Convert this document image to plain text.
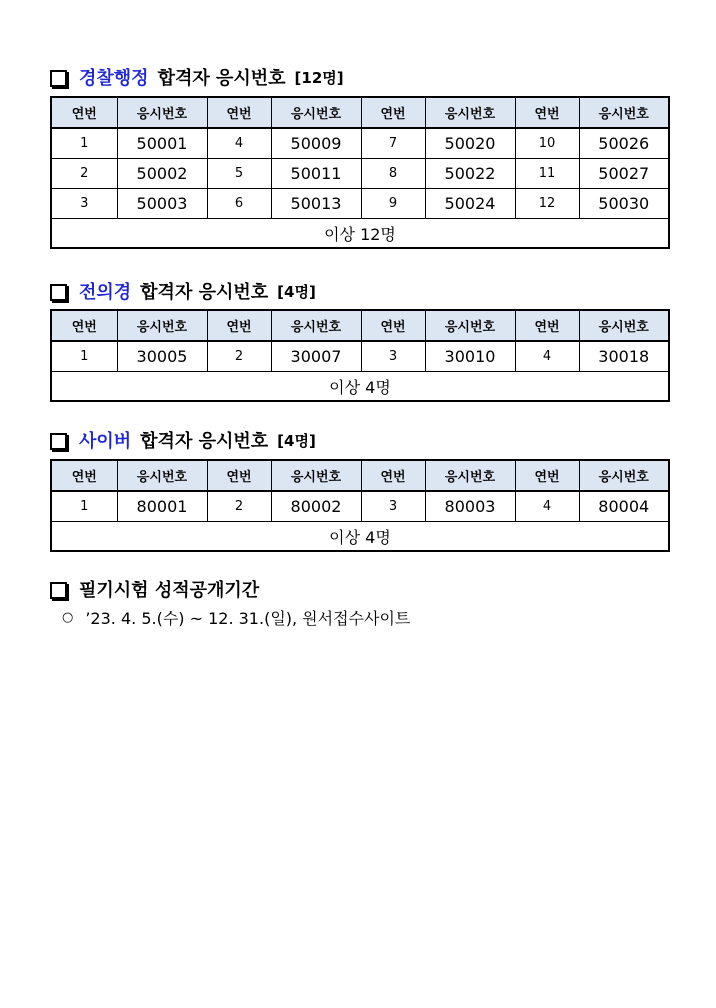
경찰행정 합격자 응시번호 [12명]
연번	응시번호	연번	응시번호	연번	응시번호	연번	응시번호
1	50001	4	50009	7	50020	10	50026
2	50002	5	50011	8	50022	11	50027
3	50003	6	50013	9	50024	12	50030
이상 12명							
전의경 합격자 응시번호 [4명]
연번	응시번호	연번	응시번호	연번	응시번호	연번	응시번호
1	30005	2	30007	3	30010	4	30018
이상 4명							
사이버 합격자 응시번호 [4명]
연번	응시번호	연번	응시번호	연번	응시번호	연번	응시번호
1	80001	2	80002	3	80003	4	80004
이상 4명							
필기시험 성적공개기간
○ ’23. 4. 5.(수) ~ 12. 31.(일), 원서접수사이트
